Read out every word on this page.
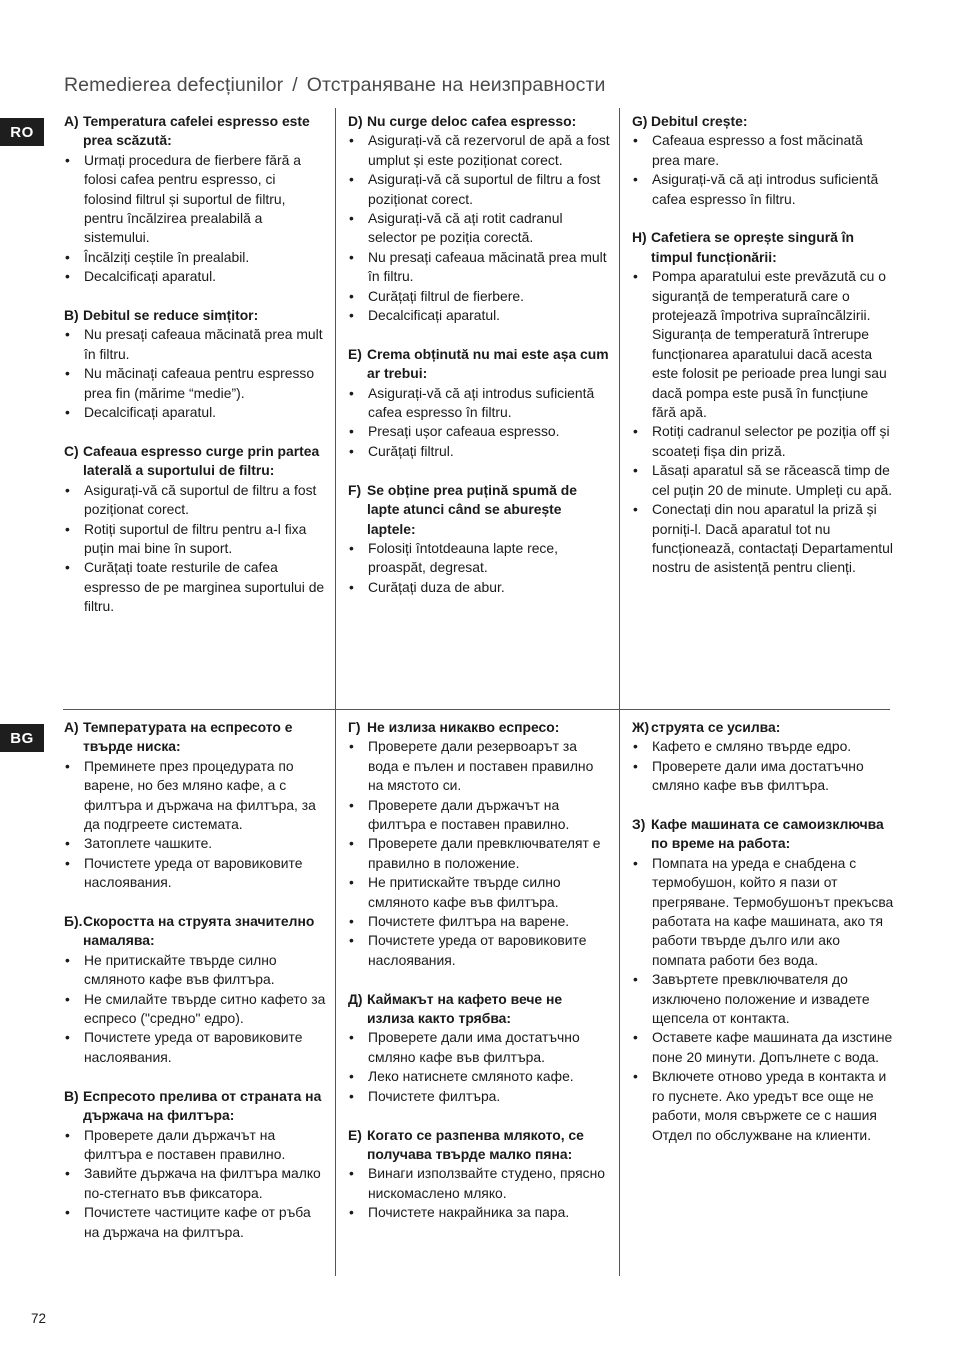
Remedierea defecțiunilor / Отстраняване на неизправности
RO
BG
A) Temperatura cafelei espresso este prea scăzută:
•	Urmați procedura de fierbere fără a folosi cafea pentru espresso, ci folosind filtrul și suportul de filtru, pentru încălzirea prealabilă a sistemului.
•	Încălziți ceștile în prealabil.
•	Decalcificați aparatul.
B) Debitul se reduce simțitor:
•	Nu presați cafeaua măcinată prea mult în filtru.
•	Nu măcinați cafeaua pentru espresso prea fin (mărime “medie”).
•	Decalcificați aparatul.
C) Cafeaua espresso curge prin partea laterală a suportului de filtru:
•	Asigurați-vă că suportul de filtru a fost poziționat corect.
•	Rotiți suportul de filtru pentru a-l fixa puțin mai bine în suport.
•	Curățați toate resturile de cafea espresso de pe marginea suportului de filtru.
D) Nu curge deloc cafea espresso:
•	Asigurați-vă că rezervorul de apă a fost umplut și este poziționat corect.
•	Asigurați-vă că suportul de filtru a fost poziționat corect.
•	Asigurați-vă că ați rotit cadranul selector pe poziția corectă.
•	Nu presați cafeaua măcinată prea mult în filtru.
•	Curățați filtrul de fierbere.
•	Decalcificați aparatul.
E) Crema obținută nu mai este așa cum ar trebui:
•	Asigurați-vă că ați introdus suficientă cafea espresso în filtru.
•	Presați ușor cafeaua espresso.
•	Curățați filtrul.
F) Se obține prea puțină spumă de lapte atunci când se aburește laptele:
•	Folosiți întotdeauna lapte rece, proaspăt, degresat.
•	Curățați duza de abur.
G) Debitul crește:
•	Cafeaua espresso a fost măcinată prea mare.
•	Asigurați-vă că ați introdus suficientă cafea espresso în filtru.
H) Cafetiera se oprește singură în timpul funcționării:
•	Pompa aparatului este prevăzută cu o siguranță de temperatură care o protejează împotriva supraîncălzirii. Siguranța de temperatură întrerupe funcționarea aparatului dacă acesta este folosit pe perioade prea lungi sau dacă pompa este pusă în funcțiune fără apă.
•	Rotiți cadranul selector pe poziția off și scoateți fișa din priză.
•	Lăsați aparatul să se răcească timp de cel puțin 20 de minute. Umpleți cu apă.
•	Conectați din nou aparatul la priză și porniți-l. Dacă aparatul tot nu funcționează, contactați Departamentul nostru de asistență pentru clienți.
A) Температурата на еспресото е твърде ниска:
•	Преминете през процедурата по варене, но без мляно кафе, а с филтъра и държача на филтъра, за да подгреете системата.
•	Затоплете чашките.
•	Почистете уреда от варовиковите наслоявания.
Б). Скоростта на струята значително намалява:
•	Не притискайте твърде силно смляното кафе във филтъра.
•	Не смилайте твърде ситно кафето за еспресо ("средно" едро).
•	Почистете уреда от варовиковите наслоявания.
В) Еспресото прелива от страната на държача на филтъра:
•	Проверете дали държачът на филтъра е поставен правилно.
•	Завийте държача на филтъра малко по-стегнато във фиксатора.
•	Почистете частиците кафе от ръба на държача на филтъра.
Г) Не излиза никакво еспресо:
•	Проверете дали резервоарът за вода е пълен и поставен правилно на мястото си.
•	Проверете дали държачът на филтъра е поставен правилно.
•	Проверете дали превключвателят е правилно в положение.
•	Не притискайте твърде силно смляното кафе във филтъра.
•	Почистете филтъра на варене.
•	Почистете уреда от варовиковите наслоявания.
Д) Каймакът на кафето вече не излиза както трябва:
•	Проверете дали има достатъчно смляно кафе във филтъра.
•	Леко натиснете смляното кафе.
•	Почистете филтъра.
Е) Когато се разпенва млякото, се получава твърде малко пяна:
•	Винаги използвайте студено, прясно нискомаслено мляко.
•	Почистете накрайника за пара.
Ж) струята се усилва:
•	Кафето е смляно твърде едро.
•	Проверете дали има достатъчно смляно кафе във филтъра.
З) Кафе машината се самоизключва по време на работа:
•	Помпата на уреда е снабдена с термобушон, който я пази от прегряване. Термобушонът прекъсва работата на кафе машината, ако тя работи твърде дълго или ако помпата работи без вода.
•	Завъртете превключвателя до изключено положение и извадете щепсела от контакта.
•	Оставете кафе машината да изстине поне 20 минути. Допълнете с вода.
•	Включете отново уреда в контакта и го пуснете. Ако уредът все още не работи, моля свържете се с нашия Отдел по обслужване на клиенти.
72
